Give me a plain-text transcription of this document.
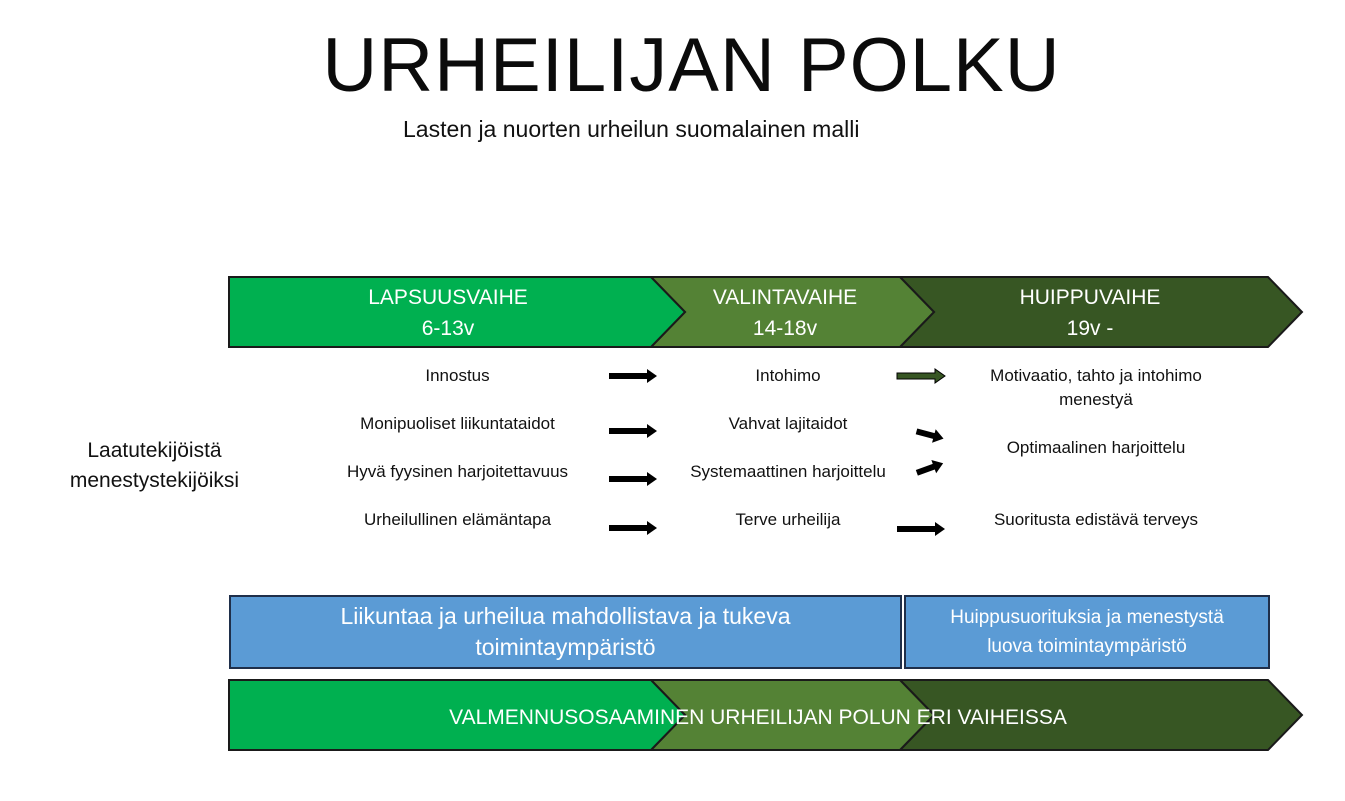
URHEILIJAN POLKU
Lasten ja nuorten urheilun suomalainen malli
LAPSUUSVAIHE
6-13v
VALINTAVAIHE
14-18v
HUIPPUVAIHE
19v -
Laatutekijöistä
menestystekijöiksi
Innostus
Monipuoliset liikuntataidot
Hyvä fyysinen harjoitettavuus
Urheilullinen elämäntapa
Intohimo
Vahvat lajitaidot
Systemaattinen harjoittelu
Terve urheilija
Motivaatio, tahto ja intohimo
menestyä
Optimaalinen harjoittelu
Suoritusta edistävä terveys
Liikuntaa ja urheilua mahdollistava ja tukeva
toimintaympäristö
Huippusuorituksia ja menestystä
luova toimintaympäristö
VALMENNUSOSAAMINEN URHEILIJAN POLUN ERI VAIHEISSA
